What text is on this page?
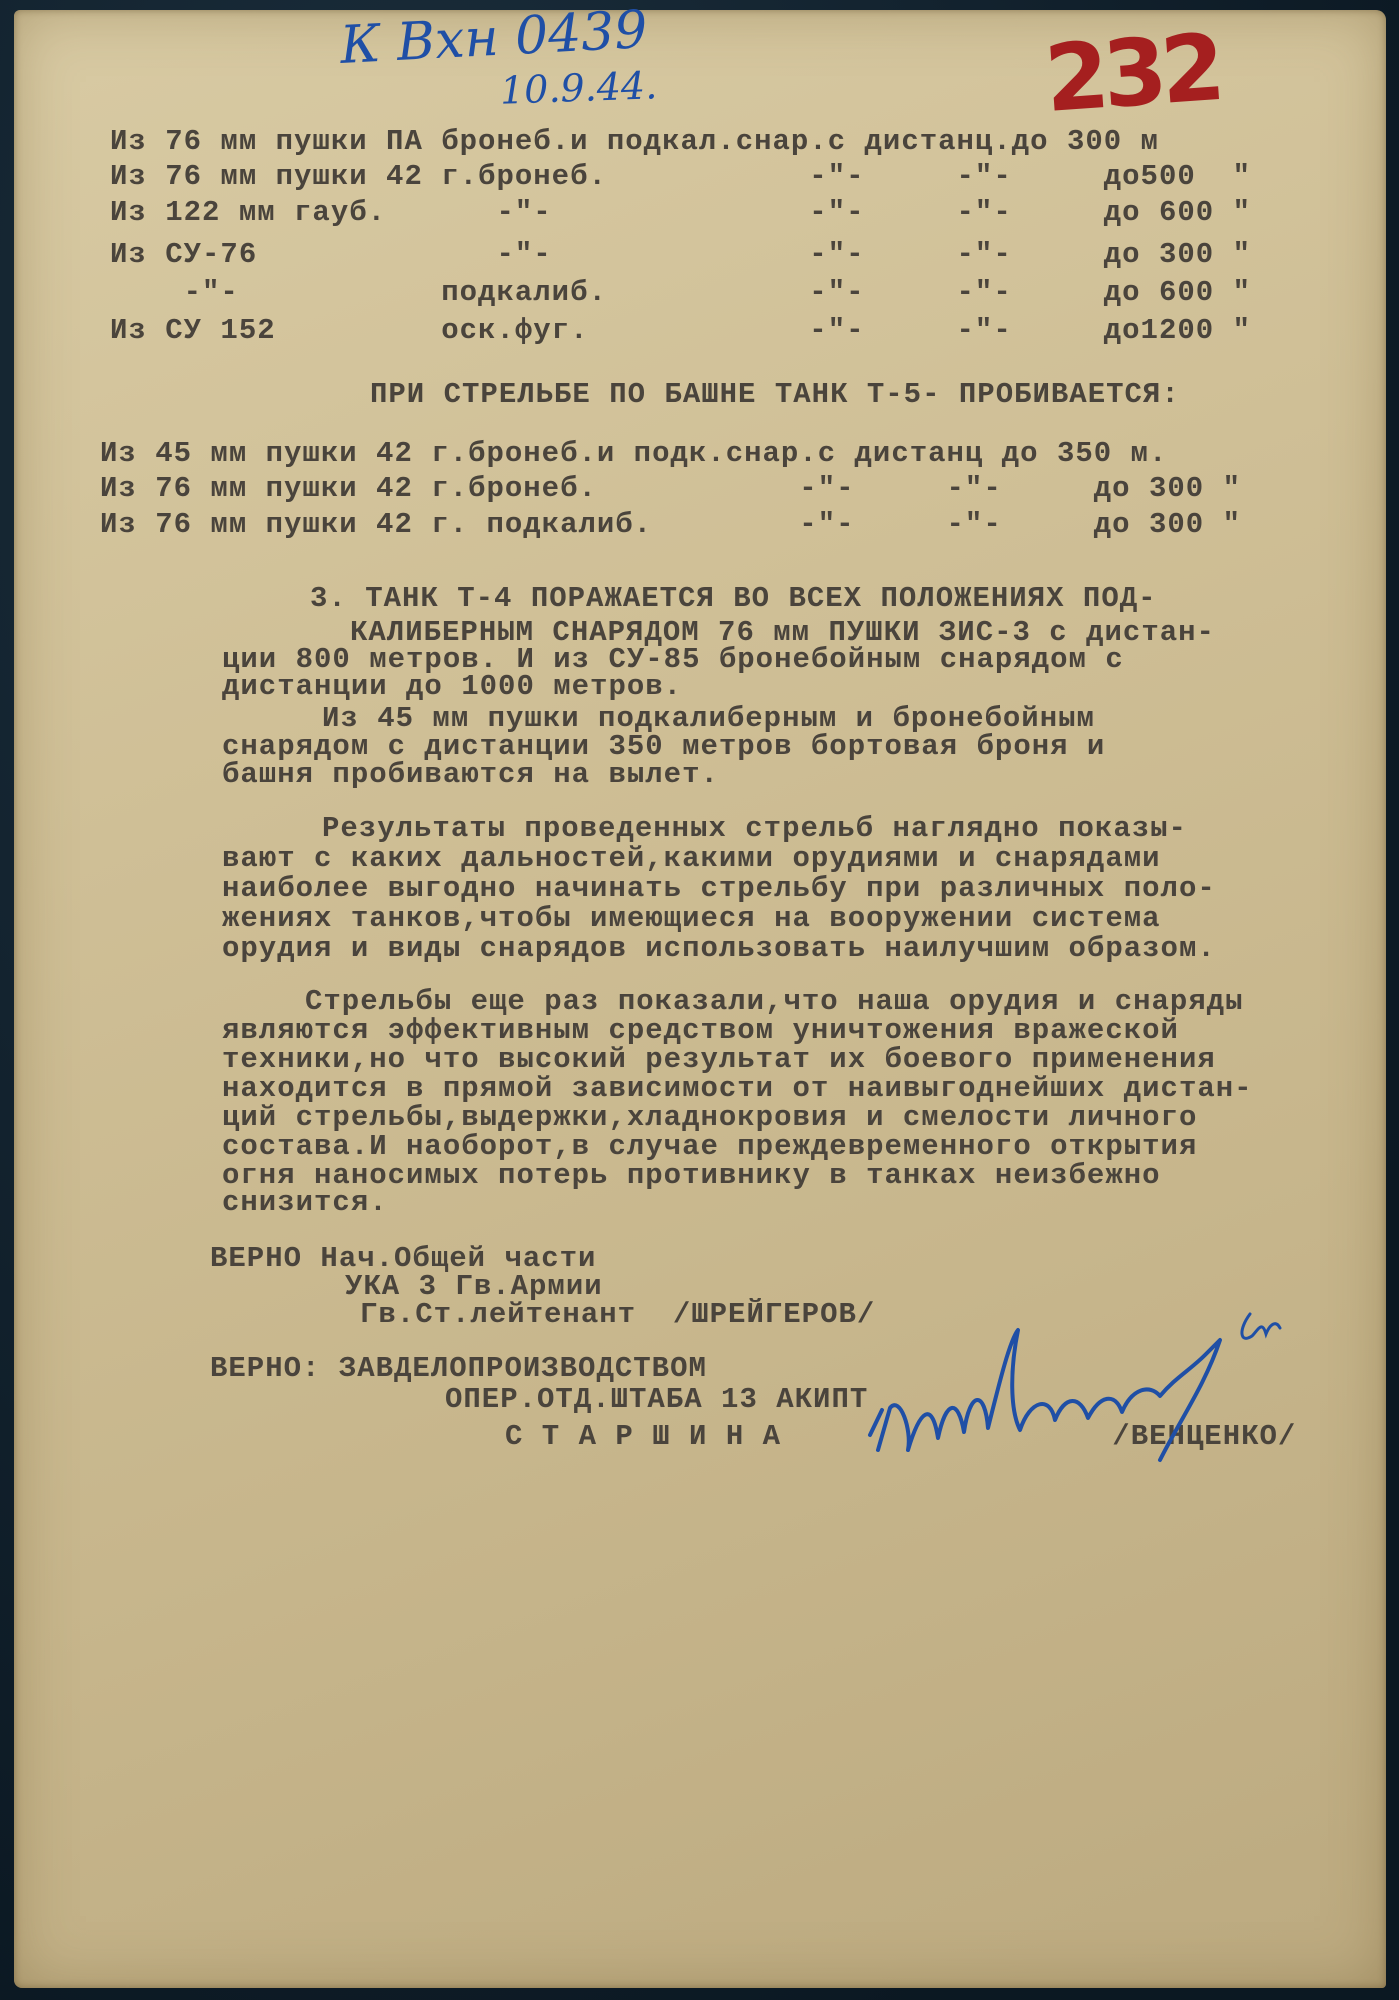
К Вхн 0439
10.9.44.	232
Из 76 мм пушки ПА бронеб.и подкал.снар.с дистанц.до 300 м
Из 76 мм пушки 42 г.бронеб.           -"-     -"-     до500  "
Из 122 мм гауб.      -"-              -"-     -"-     до 600 "
Из СУ-76             -"-              -"-     -"-     до 300 "
-"-           подкалиб.           -"-     -"-     до 600 "
Из СУ 152         оск.фуг.            -"-     -"-     до1200 "
ПРИ СТРЕЛЬБЕ ПО БАШНЕ ТАНК Т-5- ПРОБИВАЕТСЯ:
Из 45 мм пушки 42 г.бронеб.и подк.снар.с дистанц до 350 м.
Из 76 мм пушки 42 г.бронеб.           -"-     -"-     до 300 "
Из 76 мм пушки 42 г. подкалиб.        -"-     -"-     до 300 "
3. ТАНК Т-4 ПОРАЖАЕТСЯ ВО ВСЕХ ПОЛОЖЕНИЯХ ПОД-
КАЛИБЕРНЫМ СНАРЯДОМ 76 мм ПУШКИ ЗИС-3 с дистан-
ции 800 метров. И из СУ-85 бронебойным снарядом с
дистанции до 1000 метров.
Из 45 мм пушки подкалиберным и бронебойным
снарядом с дистанции 350 метров бортовая броня и
башня пробиваются на вылет.
Результаты проведенных стрельб наглядно показы-
вают с каких дальностей,какими орудиями и снарядами
наиболее выгодно начинать стрельбу при различных поло-
жениях танков,чтобы имеющиеся на вооружении система
орудия и виды снарядов использовать наилучшим образом.
Стрельбы еще раз показали,что наша орудия и снаряды
являются эффективным средством уничтожения вражеской
техники,но что высокий результат их боевого применения
находится в прямой зависимости от наивыгоднейших дистан-
ций стрельбы,выдержки,хладнокровия и смелости личного
состава.И наоборот,в случае преждевременного открытия
огня наносимых потерь противнику в танках неизбежно
снизится.
ВЕРНО Нач.Общей части
УКА 3 Гв.Армии
Гв.Ст.лейтенант  /ШРЕЙГЕРОВ/
ВЕРНО: ЗАВДЕЛОПРОИЗВОДСТВОМ
ОПЕР.ОТД.ШТАБА 13 АКИПТ
С Т А Р Ш И Н А                  /ВЕНЦЕНКО/
